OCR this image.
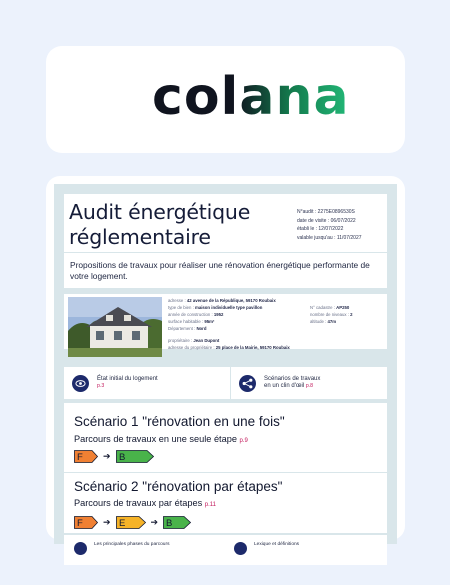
colana
Audit énergétique
réglementaire
N°audit : 2275E0896530S
date de visite : 06/07/2022
établi le : 12/07/2022
valable jusqu'au : 11/07/2027
Propositions de travaux pour réaliser une rénovation énergétique performante de votre logement.
adresse : 42 avenue de la République, 59170 Roubaix
type de bien : maison individuelle type pavillon
année de construction : 1952
surface habitable : 95m²
Département : Nord
N° cadastre : AP250
nombre de niveaux : 2
altitude : 47m
propriétaire : Jean Dupont
adresse du propriétaire : 25 place de la Mairie, 59170 Roubaix
État initial du logement
p.3
Scénarios de travaux
en un clin d'œil p.8
Scénario 1 "rénovation en une fois"
Parcours de travaux en une seule étape p.9
F ➔ B
Scénario 2 "rénovation par étapes"
Parcours de travaux par étapes p.11
F ➔ E	➔ B
Les principales phases du parcours	Lexique et définitions
